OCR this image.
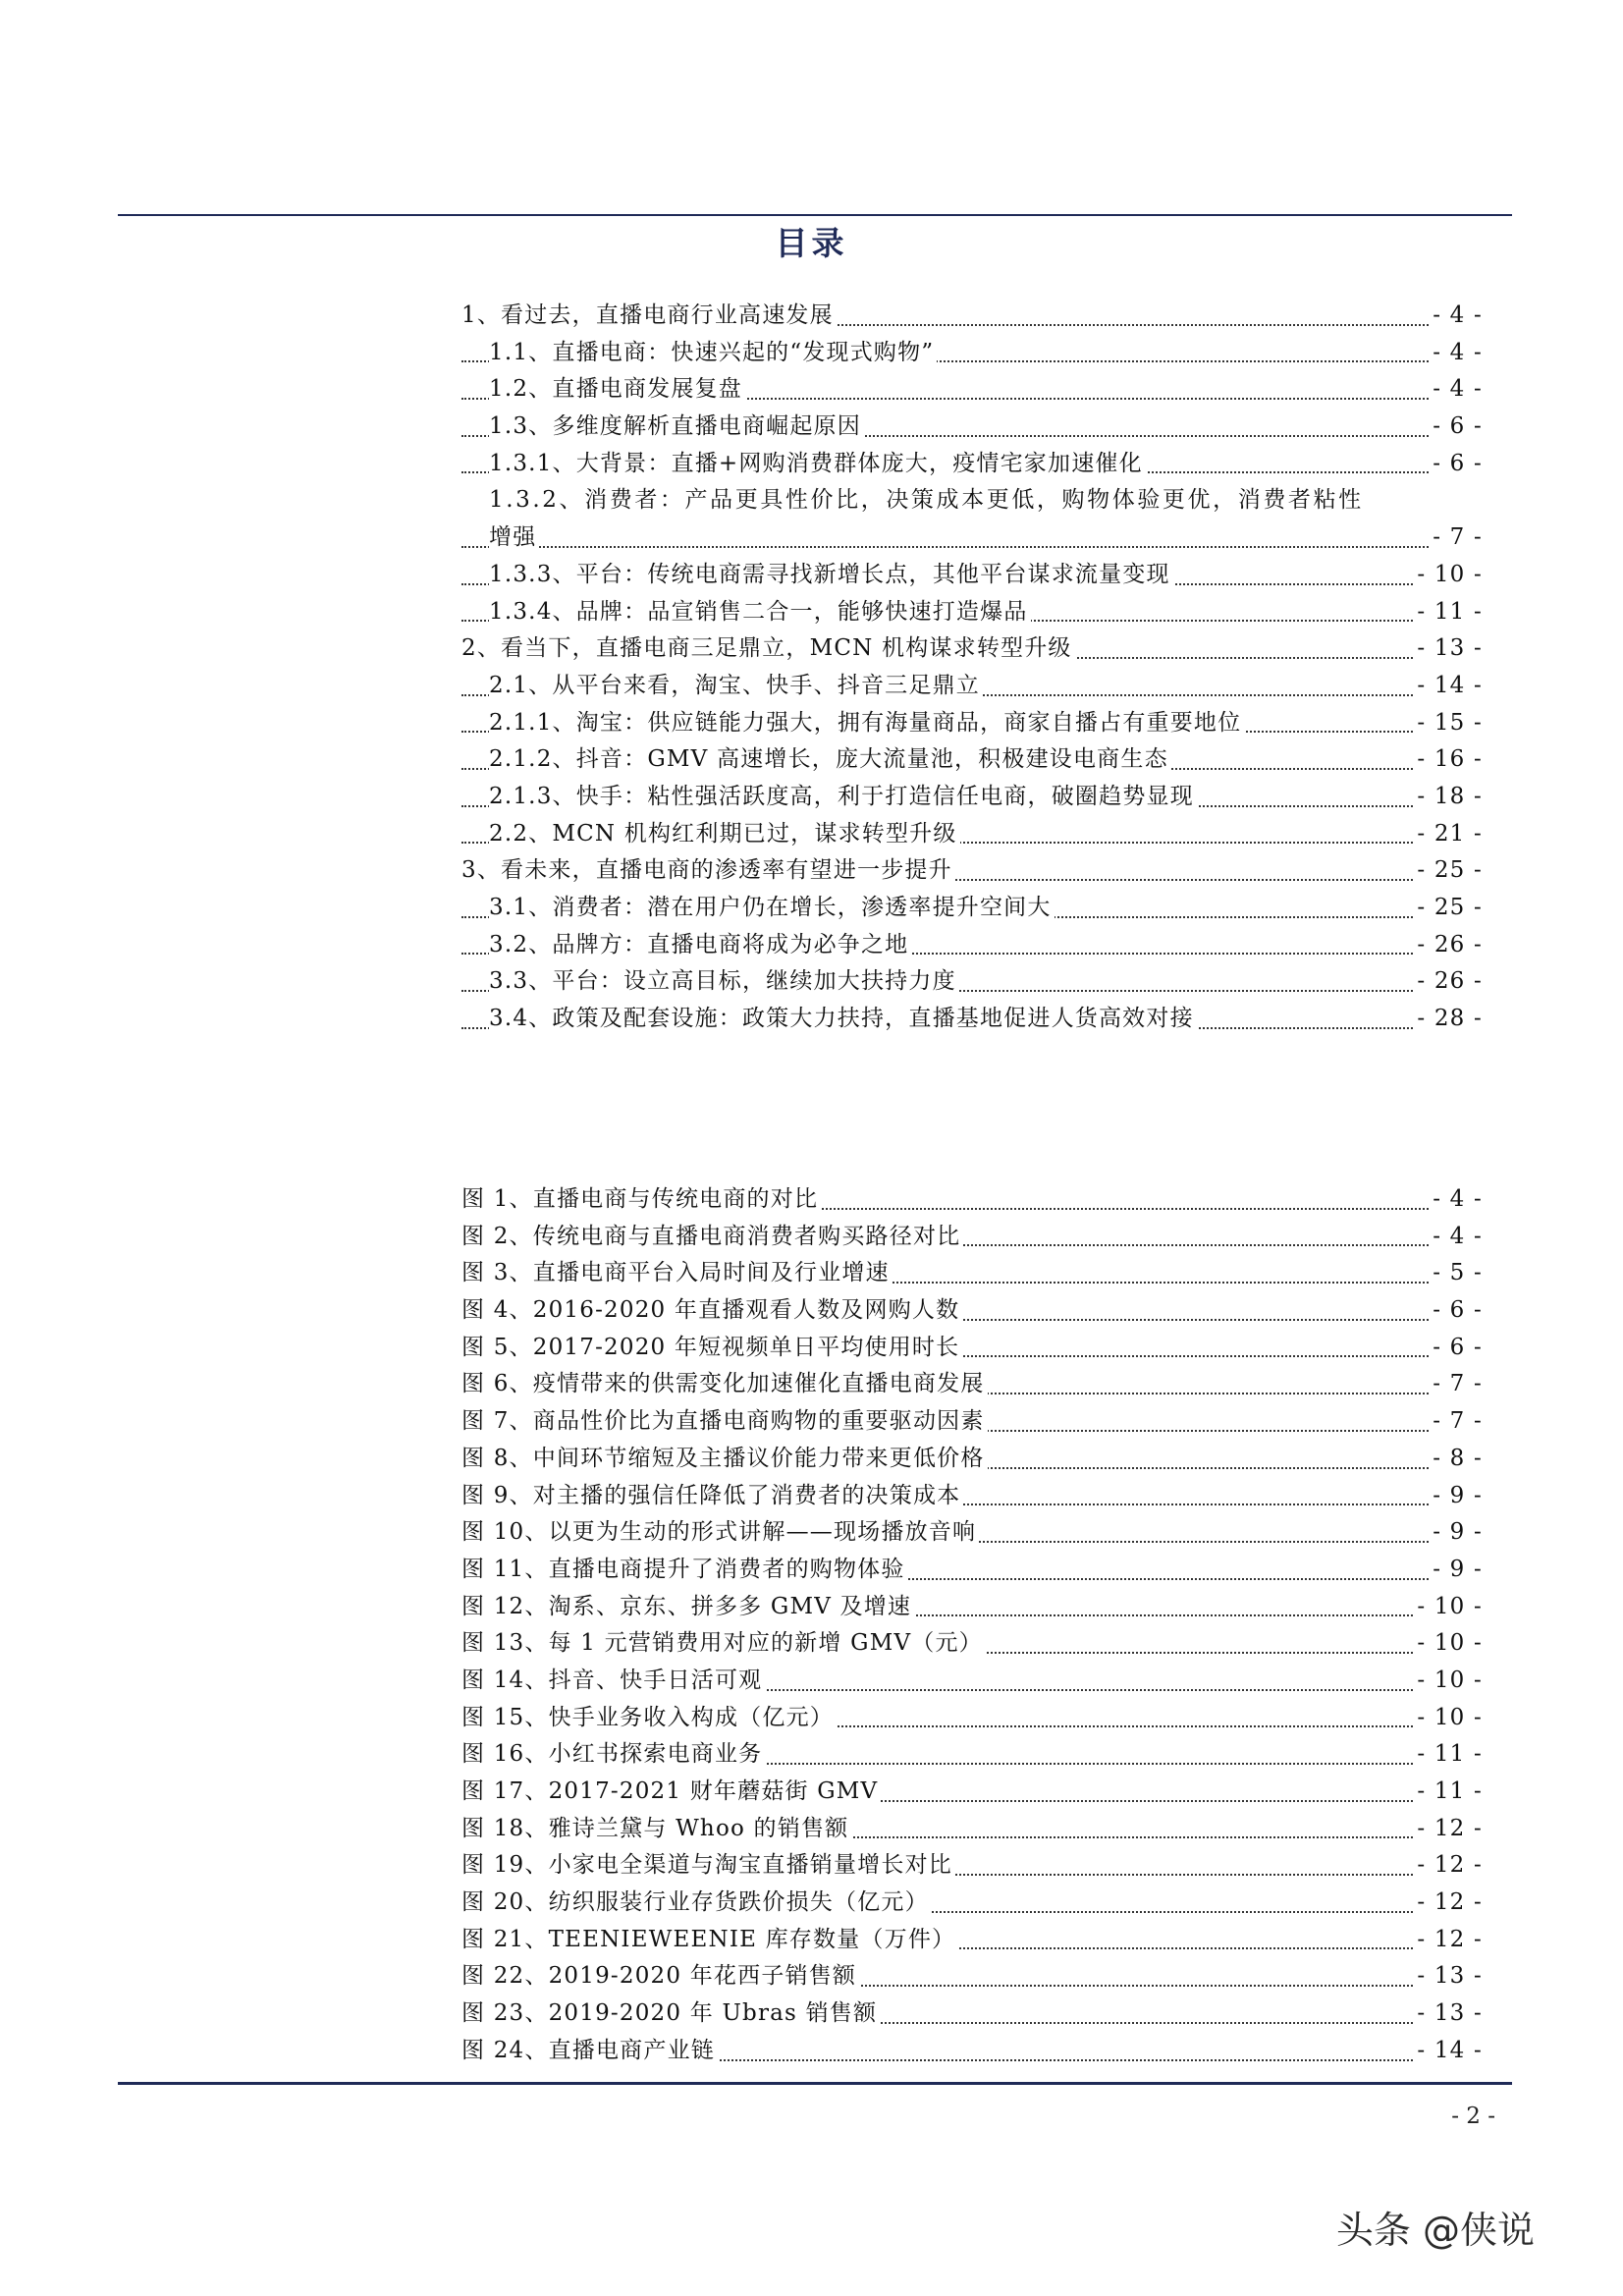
目录
1、看过去，直播电商行业高速发展	- 4 -
1.1、直播电商：快速兴起的“发现式购物”	- 4 -
1.2、直播电商发展复盘	- 4 -
1.3、多维度解析直播电商崛起原因	- 6 -
1.3.1、大背景：直播+网购消费群体庞大，疫情宅家加速催化	- 6 -
1.3.2、消费者：产品更具性价比，决策成本更低，购物体验更优，消费者粘性
增强	- 7 -
1.3.3、平台：传统电商需寻找新增长点，其他平台谋求流量变现	- 10 -
1.3.4、品牌：品宣销售二合一，能够快速打造爆品	- 11 -
2、看当下，直播电商三足鼎立，MCN 机构谋求转型升级	- 13 -
2.1、从平台来看，淘宝、快手、抖音三足鼎立	- 14 -
2.1.1、淘宝：供应链能力强大，拥有海量商品，商家自播占有重要地位	- 15 -
2.1.2、抖音：GMV 高速增长，庞大流量池，积极建设电商生态	- 16 -
2.1.3、快手：粘性强活跃度高，利于打造信任电商，破圈趋势显现	- 18 -
2.2、MCN 机构红利期已过，谋求转型升级	- 21 -
3、看未来，直播电商的渗透率有望进一步提升	- 25 -
3.1、消费者：潜在用户仍在增长，渗透率提升空间大	- 25 -
3.2、品牌方：直播电商将成为必争之地	- 26 -
3.3、平台：设立高目标，继续加大扶持力度	- 26 -
3.4、政策及配套设施：政策大力扶持，直播基地促进人货高效对接	- 28 -
图 1、直播电商与传统电商的对比	- 4 -
图 2、传统电商与直播电商消费者购买路径对比	- 4 -
图 3、直播电商平台入局时间及行业增速	- 5 -
图 4、2016-2020 年直播观看人数及网购人数	- 6 -
图 5、2017-2020 年短视频单日平均使用时长	- 6 -
图 6、疫情带来的供需变化加速催化直播电商发展	- 7 -
图 7、商品性价比为直播电商购物的重要驱动因素	- 7 -
图 8、中间环节缩短及主播议价能力带来更低价格	- 8 -
图 9、对主播的强信任降低了消费者的决策成本	- 9 -
图 10、以更为生动的形式讲解——现场播放音响	- 9 -
图 11、直播电商提升了消费者的购物体验	- 9 -
图 12、淘系、京东、拼多多 GMV 及增速	- 10 -
图 13、每 1 元营销费用对应的新增 GMV（元）	- 10 -
图 14、抖音、快手日活可观	- 10 -
图 15、快手业务收入构成（亿元）	- 10 -
图 16、小红书探索电商业务	- 11 -
图 17、2017-2021 财年蘑菇街 GMV	- 11 -
图 18、雅诗兰黛与 Whoo 的销售额	- 12 -
图 19、小家电全渠道与淘宝直播销量增长对比	- 12 -
图 20、纺织服装行业存货跌价损失（亿元）	- 12 -
图 21、TEENIEWEENIE 库存数量（万件）	- 12 -
图 22、2019-2020 年花西子销售额	- 13 -
图 23、2019-2020 年 Ubras 销售额	- 13 -
图 24、直播电商产业链	- 14 -
- 2 -
头条 @侠说
